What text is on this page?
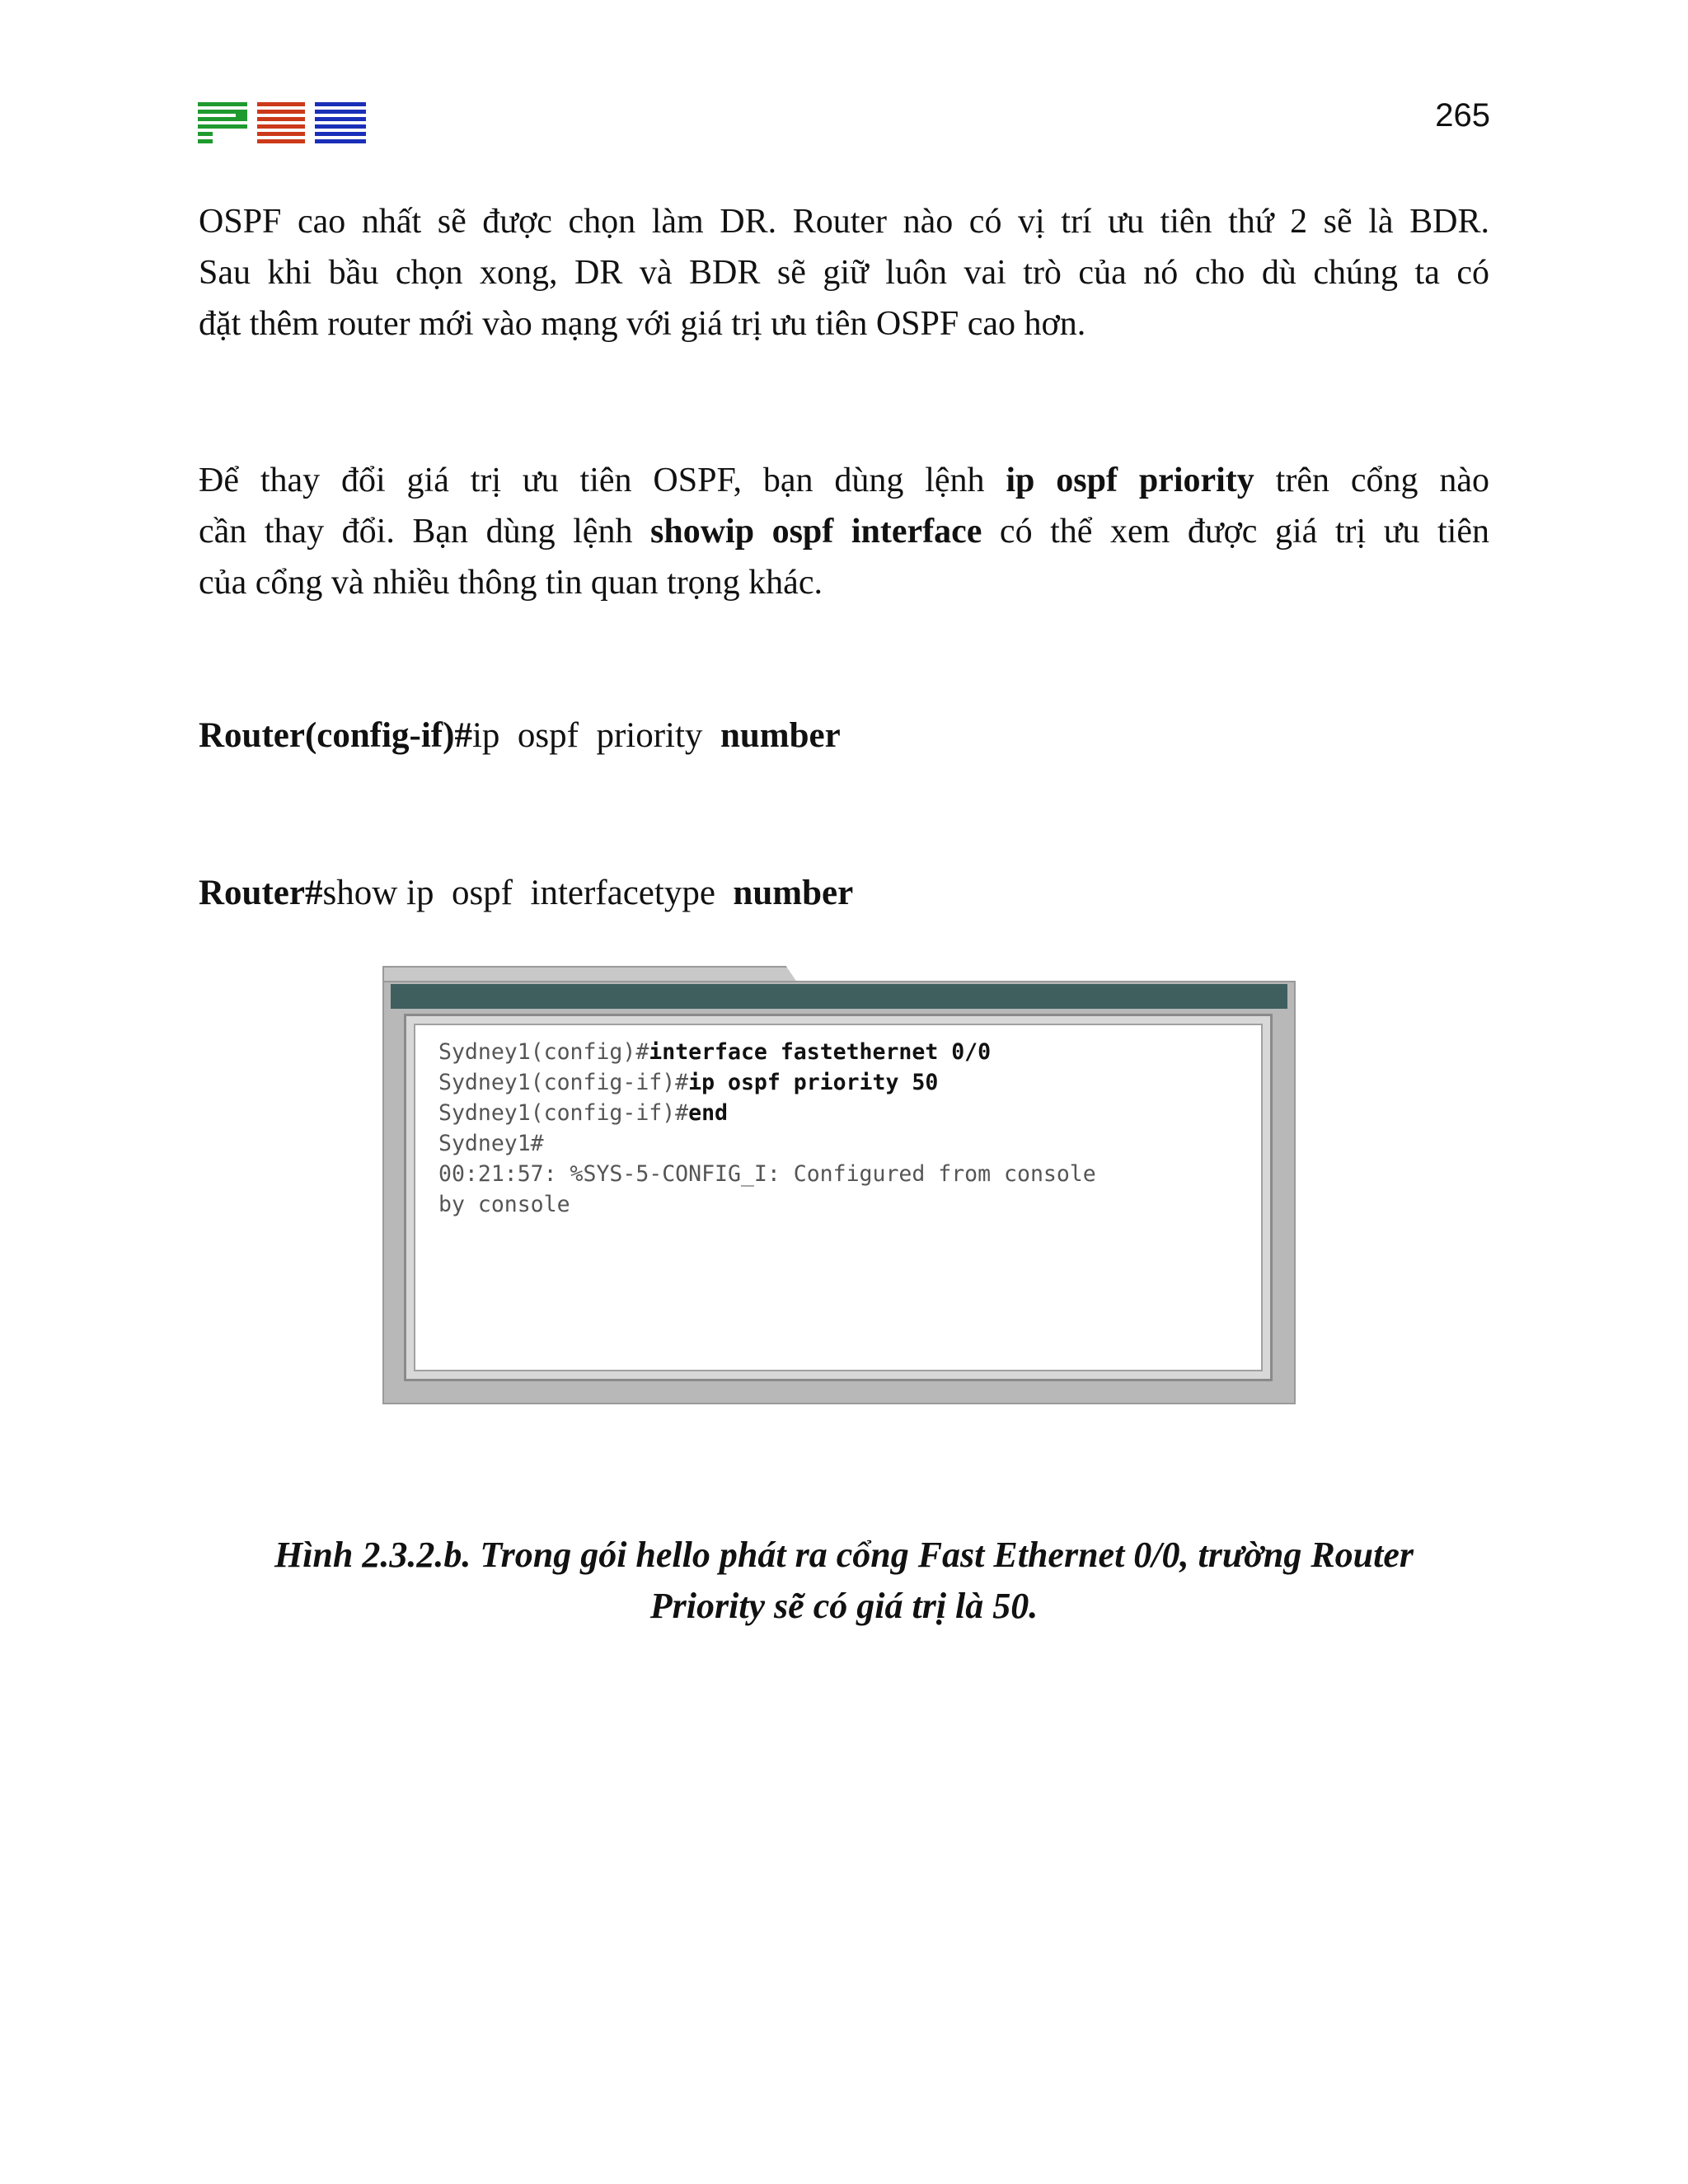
265

OSPF cao nhất sẽ được chọn làm DR. Router nào có vị trí ưu tiên thứ 2 sẽ là BDR.
Sau khi bầu chọn xong, DR và BDR sẽ giữ luôn vai trò của nó cho dù chúng ta có
đặt thêm router mới vào mạng với giá trị ưu tiên OSPF cao hơn.

Để thay đổi giá trị ưu tiên OSPF, bạn dùng lệnh ip ospf priority trên cổng nào
cần thay đổi. Bạn dùng lệnh showip ospf interface có thể xem được giá trị ưu tiên
của cổng và nhiều thông tin quan trọng khác.

Router(config-if)#ip  ospf  priority  number
Router#show ip  ospf  interfacetype  number
Sydney1(config)#interface fastethernet 0/0
Sydney1(config-if)#ip ospf priority 50
Sydney1(config-if)#end
Sydney1#
00:21:57: %SYS-5-CONFIG_I: Configured from console
by console

Hình 2.3.2.b. Trong gói hello phát ra cổng Fast Ethernet 0/0, trường Router
Priority sẽ có giá trị là 50.
